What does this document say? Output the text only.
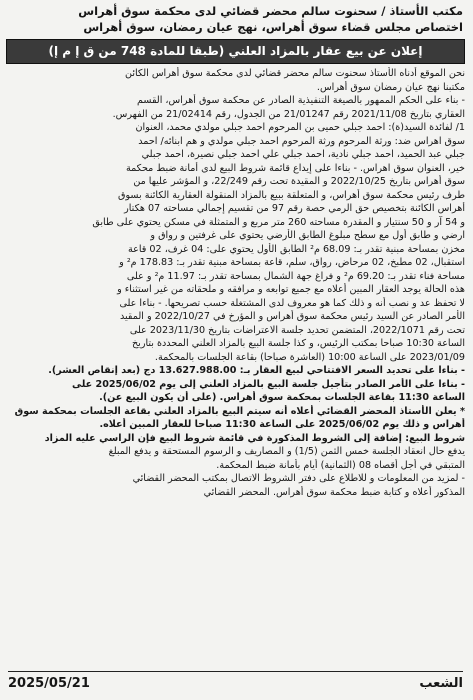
مكتب الأستاذ / سحنوت سالم محضر قضائي لدى محكمة سوق أهراس
اختصاص مجلس قضاء سوق أهراس، نهج عيان رمضان، سوق أهراس
إعلان عن بيع عقار بالمزاد العلني (طبقا للمادة 748 من ق إ م إ)

نحن الموقع أدناه الأستاذ سحنوت سالم محضر قضائي لدى محكمة سوق أهراس الكائن

مكتبنا نهج عيان رمضان سوق أهراس.

- بناء على الحكم الممهور بالصيغة التنفيذية الصادر عن محكمة سوق أهراس، القسم

العقاري بتاريخ 2021/11/08 رقم 21/01247 من الجدول، رقم 21/02414 من الفهرس.

1/ لفائدة السيد(ة): احمد جبلي حميى بن المرحوم احمد جبلي مولدي محمد، العنوان

سوق اهراس ضد: ورثة المرحوم ورثة المرحوم احمد جبلي مولدي و هم ابنائه/ احمد

جبلي عبد الحميد، احمد جبلي نادية، احمد جبلي علي احمد جبلي نصيرة، احمد جبلي

خير، العنوان سوق اهراس. - بناءا على إيداع قائمة شروط البيع لدى أمانة ضبط محكمة

سوق أهراس بتاريخ 2022/10/25 و المقيدة تحت رقم 22/249، و المؤشر عليها من

طرف رئيس محكمة سوق أهراس، و المتعلقة ببيع بالمزاد المنقولة العقارية الكائنة بسوق

أهراس الكائنة بتخصيص حق الرمي حصة رقم 97 من تقسيم إجمالي مساحته 07 هكتار

و 54 آر و 50 سنتيار و المقدرة مساحته 260 متر مربع و المتمثلة في مسكن يحتوي على طابق

ارضي و طابق أول مع سطح مبلوغ الطابق الأرضي يحتوي على غرفتين و رواق و

مخزن بمساحة مبنية تقدر بـ: 68.09 م² الطابق الأول يحتوي على: 04 غرف، 02 قاعة

استقبال، 02 مطبخ، 02 مرحاض، رواق، سلم، قاعة بمساحة مبنية تقدر بـ: 178.83 م² و

مساحة فناء تقدر بـ: 69.20 م² و فراغ جهة الشمال بمساحة تقدر بـ: 11.97 م² و على

هذه الحالة يوجد العقار المبين أعلاه مع جميع توابعه و مرافقه و ملحقاته من غير استثناء و

لا تحفظ عد و نصب أنه و ذلك كما هو معروف لدى المشتغلة حسب تصريحها. - بناءا على

الأمر الصادر عن السيد رئيس محكمة سوق أهراس و المؤرخ في 2022/10/27 و المقيد

تحت رقم 2022/1071، المتضمن تحديد جلسة الاعتراضات بتاريخ 2023/11/30 على

الساعة 10:30 صباحا بمكتب الرئيس، و كذا جلسة البيع بالمزاد العلني المحددة بتاريخ

2023/01/09 على الساعة 10:00 (العاشرة صباحا) بقاعة الجلسات بالمحكمة.

- بناءا على تحديد السعر الافتتاحي لبيع العقار بـ: 13.627.988.00 دج (بعد إنقاص العشر).

- بناءا على الأمر الصادر بتأجيل جلسة البيع بالمزاد العلني إلى يوم 2025/06/02 على

الساعة 11:30 بقاعة الجلسات بمحكمة سوق أهراس. (على أن يكون البيع عن).

* يعلن الأستاذ المحضر القضائي أعلاه أنه سيتم البيع بالمزاد العلني بقاعة الجلسات بمحكمة سوق

أهراس و ذلك يوم 2025/06/02 على الساعة 11:30 صباحا للعقار المبين أعلاه.

شروط البيع: إضافة إلى الشروط المذكورة في قائمة شروط البيع فإن الراسي عليه المزاد

يدفع حال انعقاد الجلسة خمس الثمن (1/5) و المصاريف و الرسوم المستحقة و يدفع المبلغ

المتبقي في أجل أقصاه 08 (الثمانية) أيام بأمانة ضبط المحكمة.

- لمزيد من المعلومات و للاطلاع على دفتر الشروط الاتصال بمكتب المحضر القضائي

المذكور أعلاه و كتابة ضبط محكمة سوق أهراس. المحضر القضائي

2025/05/21	الشعب
